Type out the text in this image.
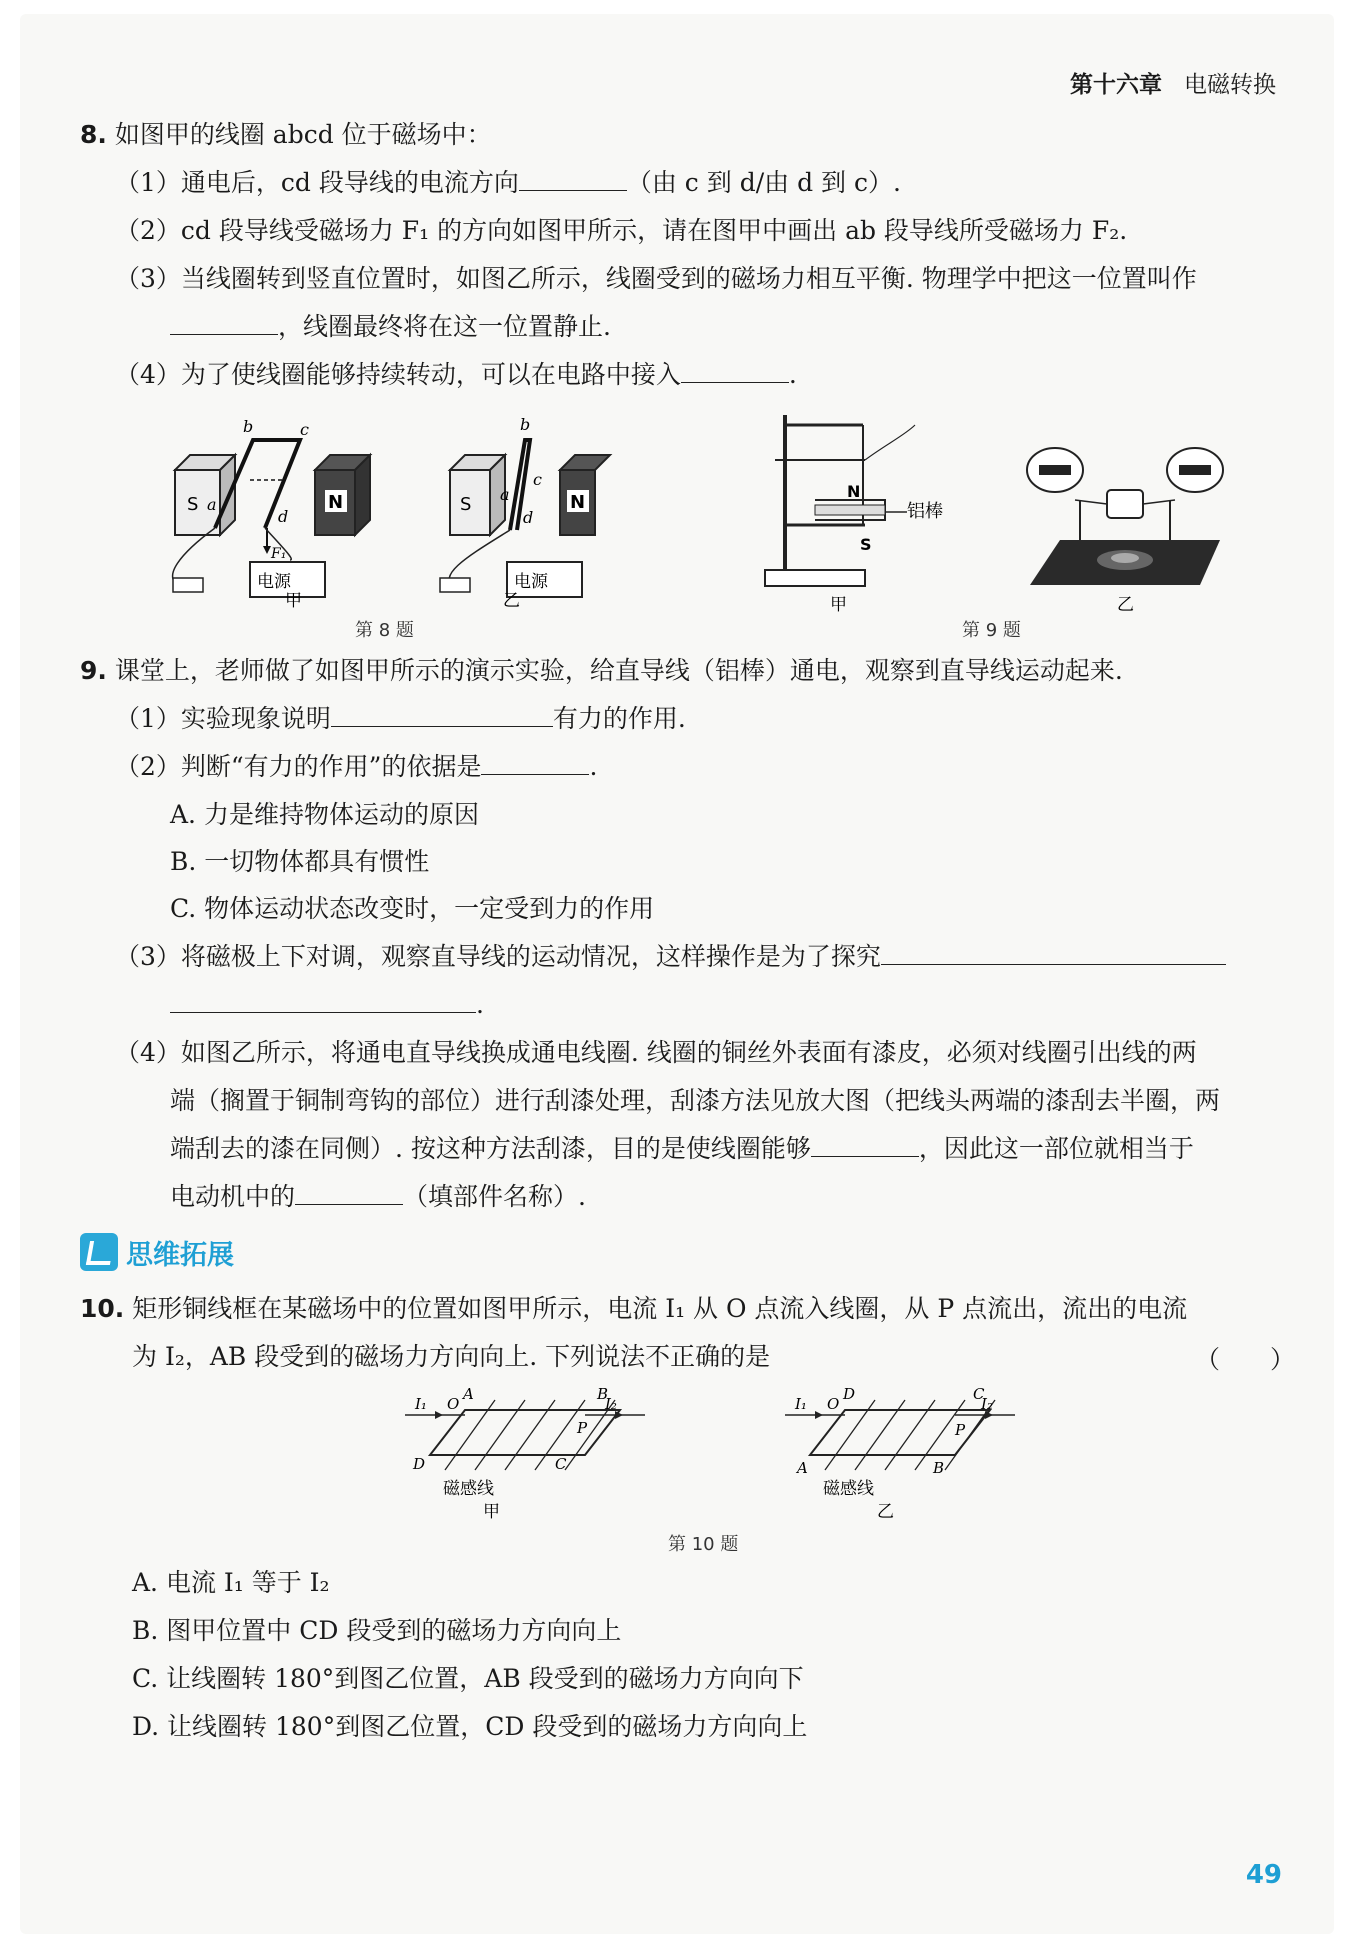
第十六章 电磁转换
8. 如图甲的线圈 abcd 位于磁场中：
（1）通电后，cd 段导线的电流方向	（由 c 到 d/由 d 到 c）.
（2）cd 段导线受磁场力 F₁ 的方向如图甲所示，请在图甲中画出 ab 段导线所受磁场力 F₂.
（3）当线圈转到竖直位置时，如图乙所示，线圈受到的磁场力相互平衡. 物理学中把这一位置叫作
，线圈最终将在这一位置静止.
（4）为了使线圈能够持续转动，可以在电路中接入	.
S	N
b	c
a
d
F₁
电源
甲
S	N
b
c
a
d
电源
乙
第 8 题
N
S
铝棒
甲	乙
第 9 题
9. 课堂上，老师做了如图甲所示的演示实验，给直导线（铝棒）通电，观察到直导线运动起来.
（1）实验现象说明	有力的作用.
（2）判断“有力的作用”的依据是	.
A. 力是维持物体运动的原因
B. 一切物体都具有惯性
C. 物体运动状态改变时，一定受到力的作用
（3）将磁极上下对调，观察直导线的运动情况，这样操作是为了探究
.
（4）如图乙所示，将通电直导线换成通电线圈. 线圈的铜丝外表面有漆皮，必须对线圈引出线的两
端（搁置于铜制弯钩的部位）进行刮漆处理，刮漆方法见放大图（把线头两端的漆刮去半圈，两
端刮去的漆在同侧）. 按这种方法刮漆，目的是使线圈能够	，因此这一部位就相当于
电动机中的	（填部件名称）.
思维拓展
10. 矩形铜线框在某磁场中的位置如图甲所示，电流 I₁ 从 O 点流入线圈，从 P 点流出，流出的电流
为 I₂，AB 段受到的磁场力方向向上. 下列说法不正确的是	（　　）
I₁ O
A	B
I₂
P
C
D
磁感线
甲
I₁ O
D	C
I₂
P
B
A
磁感线
乙
第 10 题
A. 电流 I₁ 等于 I₂
B. 图甲位置中 CD 段受到的磁场力方向向上
C. 让线圈转 180°到图乙位置，AB 段受到的磁场力方向向下
D. 让线圈转 180°到图乙位置，CD 段受到的磁场力方向向上
49
